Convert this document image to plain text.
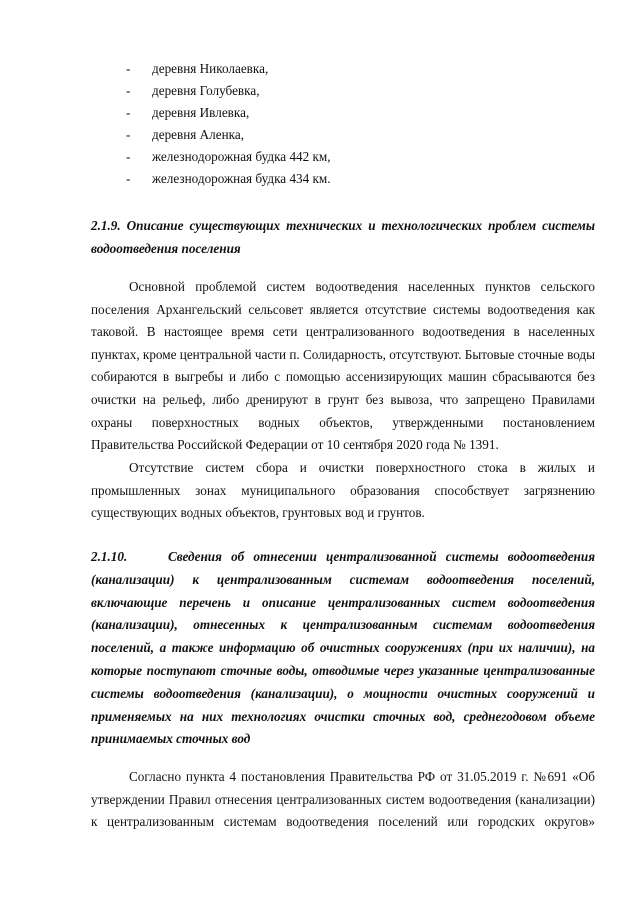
- деревня Николаевка,
- деревня Голубевка,
- деревня Ивлевка,
- деревня Аленка,
- железнодорожная будка 442 км,
- железнодорожная будка 434 км.

2.1.9. Описание существующих технических и технологических проблем системы водоотведения поселения

Основной проблемой систем водоотведения населенных пунктов сельского поселения Архангельский сельсовет является отсутствие системы водоотведения как таковой. В настоящее время сети централизованного водоотведения в населенных пунктах, кроме центральной части п. Солидарность, отсутствуют. Бытовые сточные воды собираются в выгребы и либо с помощью ассенизирующих машин сбрасываются без очистки на рельеф, либо дренируют в грунт без вывоза, что запрещено Правилами охраны поверхностных водных объектов, утвержденными постановлением Правительства Российской Федерации от 10 сентября 2020 года № 1391.

Отсутствие систем сбора и очистки поверхностного стока в жилых и промышленных зонах муниципального образования способствует загрязнению существующих водных объектов, грунтовых вод и грунтов.

2.1.10.	Сведения об отнесении централизованной системы водоотведения (канализации) к централизованным системам водоотведения поселений, включающие перечень и описание централизованных систем водоотведения (канализации), отнесенных к централизованным системам водоотведения поселений, а также информацию об очистных сооружениях (при их наличии), на которые поступают сточные воды, отводимые через указанные централизованные системы водоотведения (канализации), о мощности очистных сооружений и применяемых на них технологиях очистки сточных вод, среднегодовом объеме принимаемых сточных вод

Согласно пункта 4 постановления Правительства РФ от 31.05.2019 г. №691 «Об утверждении Правил отнесения централизованных систем водоотведения (канализации) к централизованным системам водоотведения поселений или городских округов»
